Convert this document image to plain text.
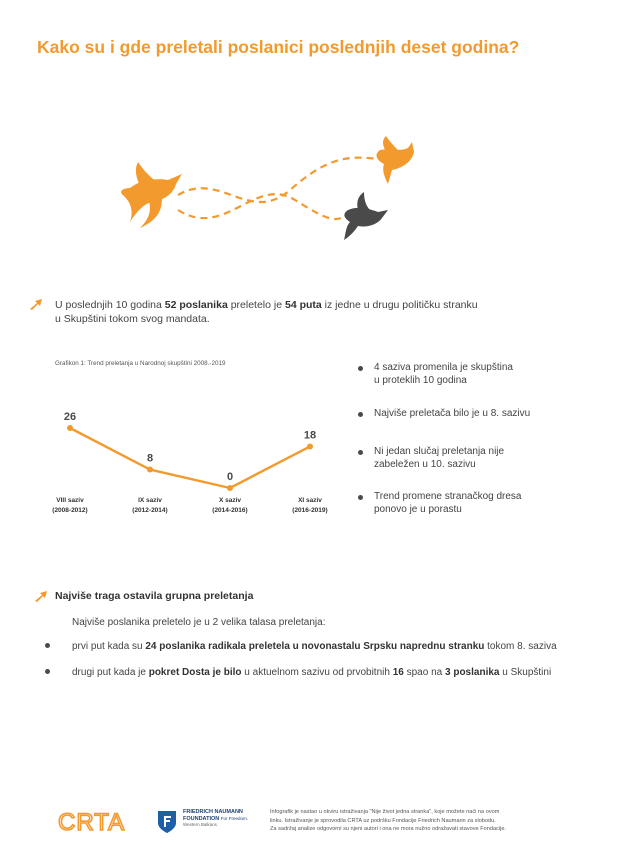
Kako su i gde preletali poslanici poslednjih deset godina?
U poslednjih 10 godina 52 poslanika preletelo je 54 puta iz jedne u drugu političku stranku
u Skupštini tokom svog mandata.
Grafikon 1: Trend preletanja u Narodnoj skupštini 2008.-2019
26
VIII saziv
(2008-2012)
8
IX saziv
(2012-2014)
0
X saziv
(2014-2016)
18
XI saziv
(2016-2019)
4 saziva promenila je skupština
u proteklih 10 godina
Najviše preletača bilo je u 8. sazivu
Ni jedan slučaj preletanja nije
zabeležen u 10. sazivu
Trend promene stranačkog dresa
ponovo je u porastu
Najviše traga ostavila grupna preletanja
Najviše poslanika preletelo je u 2 velika talasa preletanja:
prvi put kada su 24 poslanika radikala preletela u novonastalu Srpsku naprednu stranku tokom 8. saziva
drugi put kada je pokret Dosta je bilo u aktuelnom sazivu od prvobitnih 16 spao na 3 poslanika u Skupštini
CRTA	FRIEDRICH NAUMANN
FOUNDATION For Freedom.
Western Balkans

Infografik je nastao u okviru istraživanja "Nije život jedna stranka", koje možete naći na ovom

linku. Istraživanje je sprovodila CRTA uz podršku Fondacije Friedrich Naumann za slobodu.

Za sadržaj analize odgovorni su njeni autori i ona ne mora nužno odražavati stavove Fondacije.
